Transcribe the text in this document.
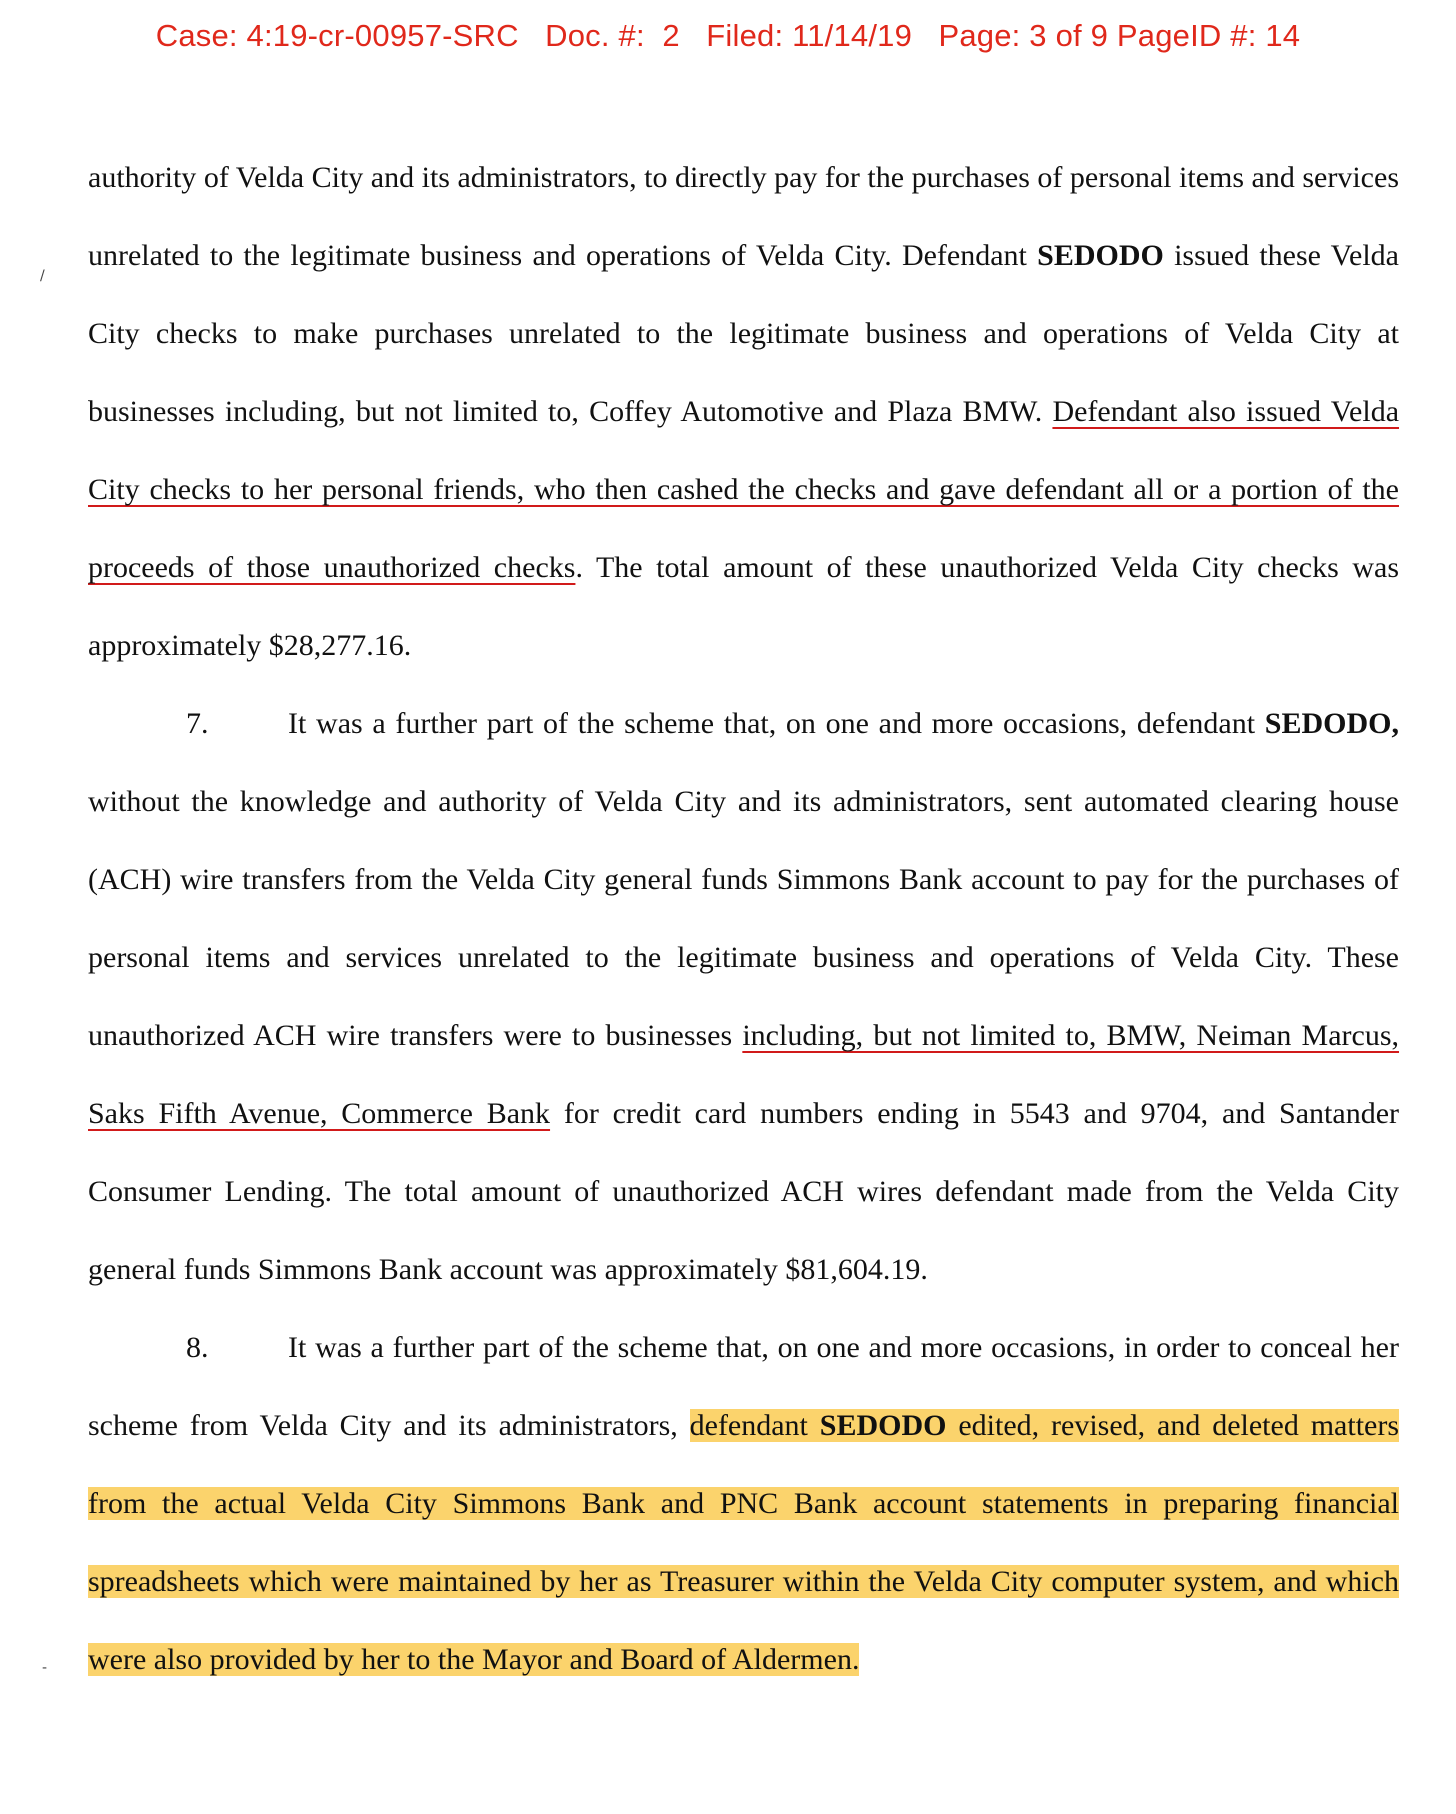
Case: 4:19-cr-00957-SRC   Doc. #:  2   Filed: 11/14/19   Page: 3 of 9 PageID #: 14
/
-

authority of Velda City and its administrators, to directly pay for the purchases of personal items and services unrelated to the legitimate business and operations of Velda City. Defendant SEDODO issued these Velda City checks to make purchases unrelated to the legitimate business and operations of Velda City at businesses including, but not limited to, Coffey Automotive and Plaza BMW. Defendant also issued Velda City checks to her personal friends, who then cashed the checks and gave defendant all or a portion of the proceeds of those unauthorized checks. The total amount of these unauthorized Velda City checks was approximately $28,277.16.

7.	It was a further part of the scheme that, on one and more occasions, defendant SEDODO, without the knowledge and authority of Velda City and its administrators, sent automated clearing house (ACH) wire transfers from the Velda City general funds Simmons Bank account to pay for the purchases of personal items and services unrelated to the legitimate business and operations of Velda City. These unauthorized ACH wire transfers were to businesses including, but not limited to, BMW, Neiman Marcus, Saks Fifth Avenue, Commerce Bank for credit card numbers ending in 5543 and 9704, and Santander Consumer Lending. The total amount of unauthorized ACH wires defendant made from the Velda City general funds Simmons Bank account was approximately $81,604.19.

8.	It was a further part of the scheme that, on one and more occasions, in order to conceal her scheme from Velda City and its administrators, defendant SEDODO edited, revised, and deleted matters from the actual Velda City Simmons Bank and PNC Bank account statements in preparing financial spreadsheets which were maintained by her as Treasurer within the Velda City computer system, and which were also provided by her to the Mayor and Board of Aldermen.
